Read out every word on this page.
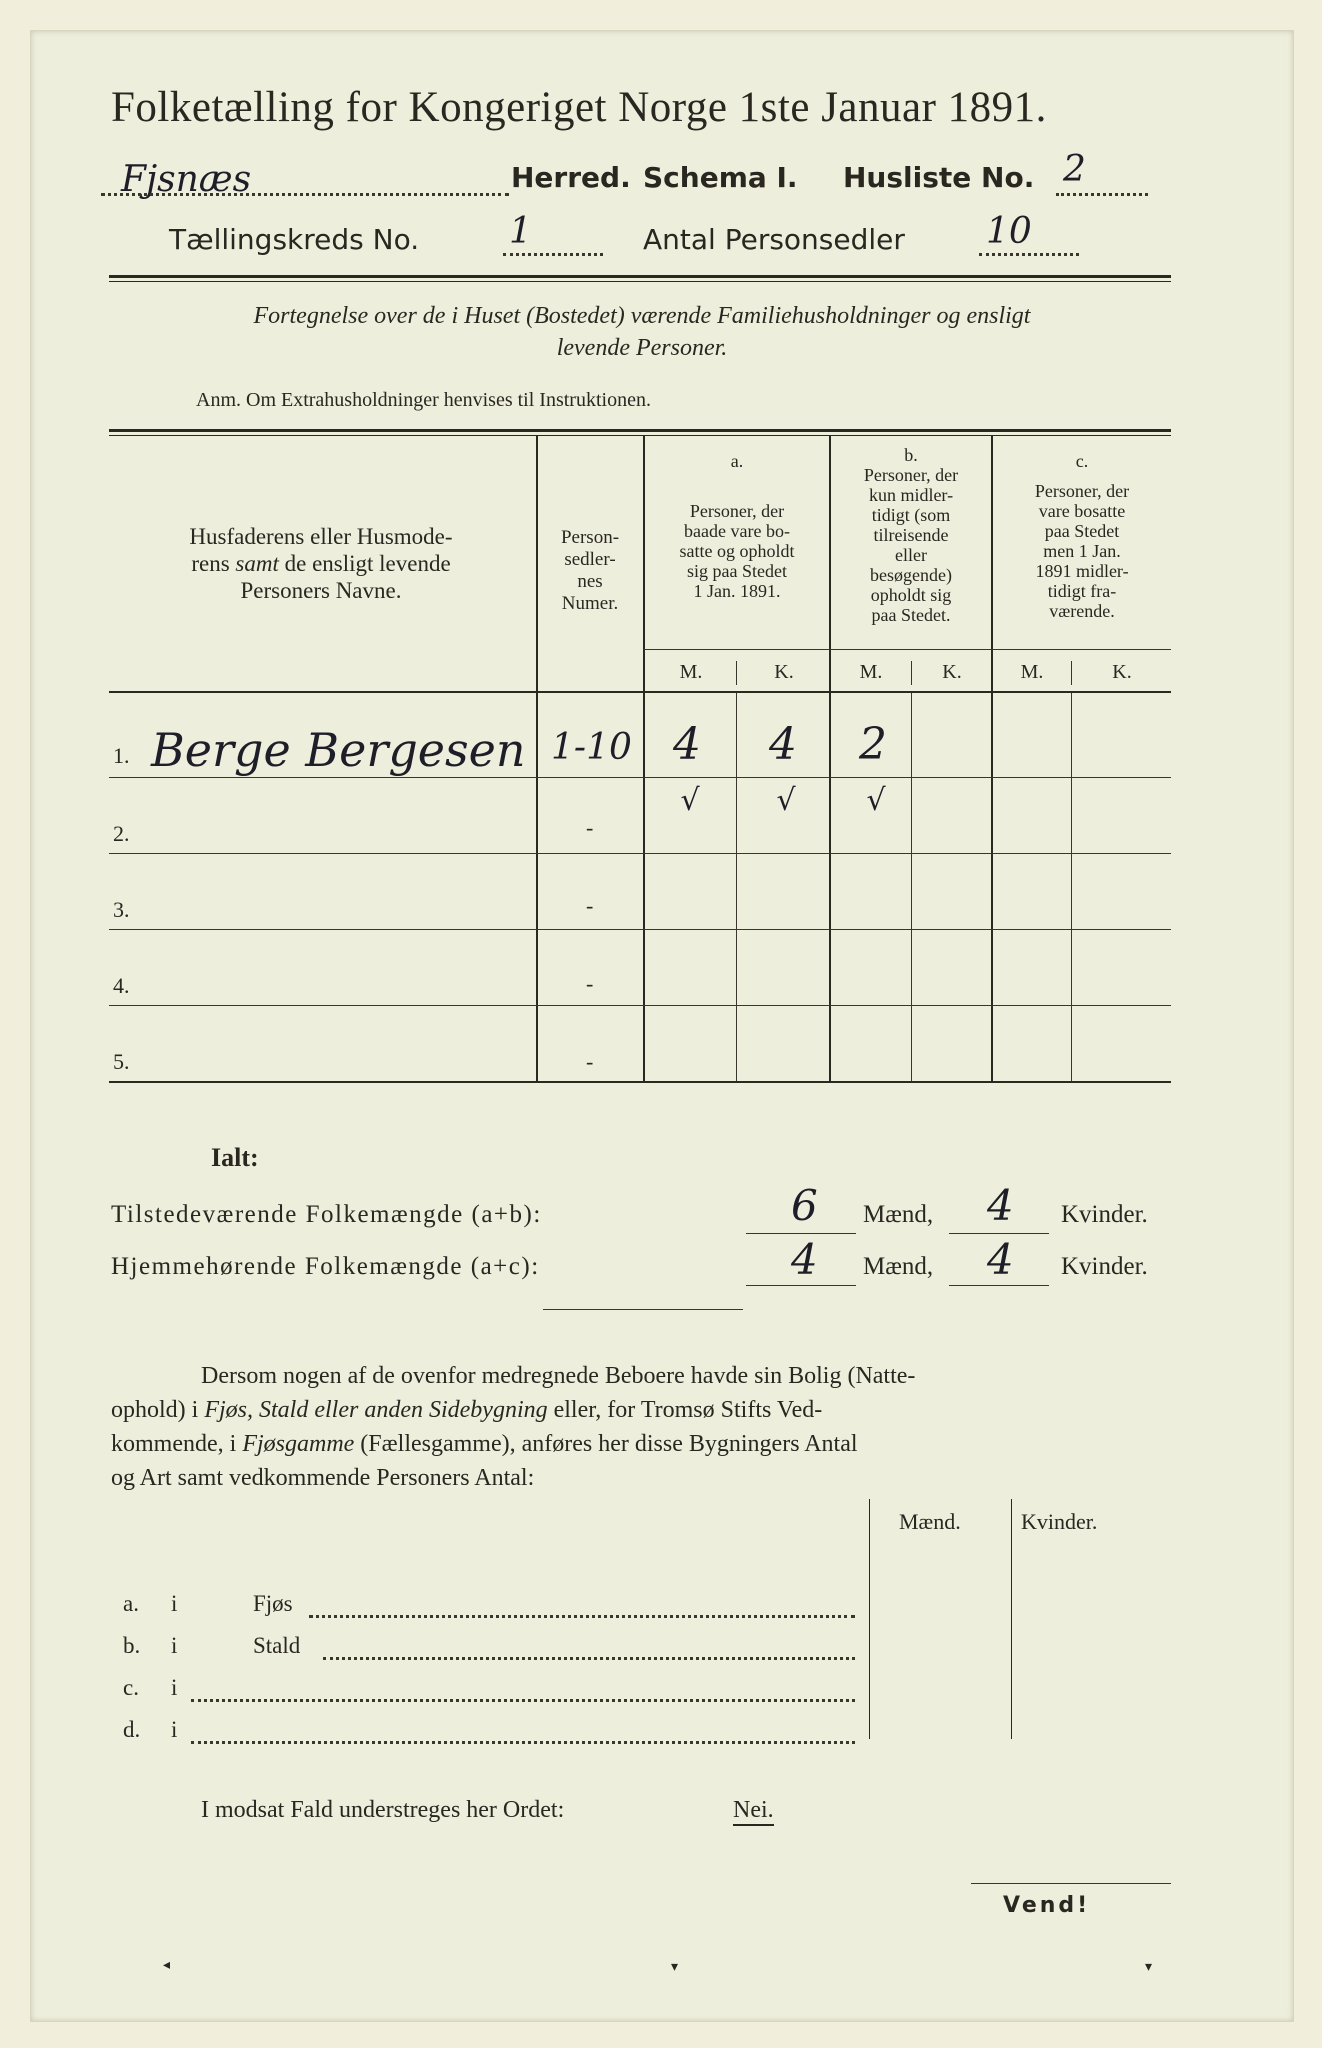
Folketælling for Kongeriget Norge 1ste Januar 1891.
Fjsnæs	Herred. Schema I. Husliste No. 2
Tællingskreds No. 1	Antal Personsedler 10
Fortegnelse over de i Huset (Bostedet) værende Familiehusholdninger og ensligt
levende Personer.
Anm. Om Extrahusholdninger henvises til Instruktionen.
Husfaderens eller Husmode-
rens samt de ensligt levende
Personers Navne.
Person-
sedler-
nes
Numer.
a.
Personer, der
baade vare bo-
satte og opholdt
sig paa Stedet
1 Jan. 1891.
b.
Personer, der
kun midler-
tidigt (som
tilreisende
eller
besøgende)
opholdt sig
paa Stedet.
c.
Personer, der
vare bosatte
paa Stedet
men 1 Jan.
1891 midler-
tidigt fra-
værende.
M.	K.	M.	K.	M.	K.
1. Berge Bergesen 1-10 4	4	2
√	√	√
2.	-
3.	-
4.	-
5.	-
Ialt:
Tilstedeværende Folkemængde (a+b):	6 Mænd, 4 Kvinder.
Hjemmehørende Folkemængde (a+c):	4 Mænd, 4 Kvinder.
Dersom nogen af de ovenfor medregnede Beboere havde sin Bolig (Natte-
ophold) i Fjøs, Stald eller anden Sidebygning eller, for Tromsø Stifts Ved-
kommende, i Fjøsgamme (Fællesgamme), anføres her disse Bygningers Antal
og Art samt vedkommende Personers Antal:
Mænd.	Kvinder.
a. i	Fjøs
b. i	Stald
c. i
d. i
I modsat Fald understreges her Ordet:	Nei.
Vend!
◂	▾	▾
